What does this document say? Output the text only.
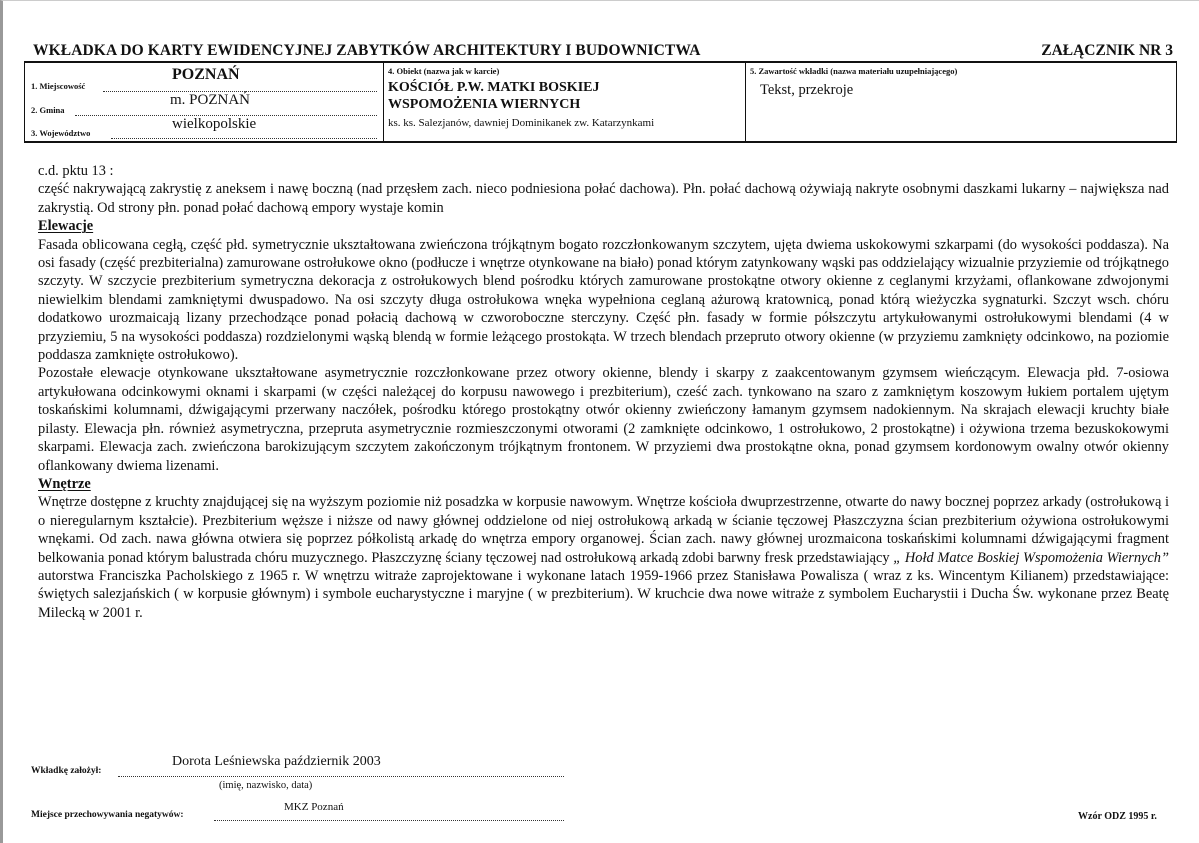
WKŁADKA DO KARTY EWIDENCYJNEJ ZABYTKÓW ARCHITEKTURY I BUDOWNICTWA	ZAŁĄCZNIK NR 3
1. Miejscowość
POZNAŃ
2. Gmina
m. POZNAŃ
3. Województwo
wielkopolskie
4. Obiekt (nazwa jak w karcie)
KOŚCIÓŁ P.W. MATKI BOSKIEJ
WSPOMOŻENIA WIERNYCH
ks. ks. Salezjanów, dawniej Dominikanek zw. Katarzynkami
5. Zawartość wkładki (nazwa materiału uzupełniającego)
Tekst, przekroje

c.d. pktu 13 :

część nakrywającą zakrystię z aneksem i nawę boczną (nad przęsłem zach. nieco podniesiona połać dachowa). Płn. połać dachową ożywiają nakryte osobnymi daszkami lukarny – największa nad zakrystią. Od strony płn. ponad połać dachową empory wystaje komin

Elewacje

Fasada oblicowana cegłą, część płd. symetrycznie ukształtowana zwieńczona trójkątnym bogato rozczłonkowanym szczytem, ujęta dwiema uskokowymi szkarpami (do wysokości poddasza). Na osi fasady (część prezbiterialna) zamurowane ostrołukowe okno (podłucze i wnętrze otynkowane na biało) ponad którym zatynkowany wąski pas oddzielający wizualnie przyziemie od trójkątnego szczyty. W szczycie prezbiterium symetryczna dekoracja z ostrołukowych blend pośrodku których zamurowane prostokątne otwory okienne z ceglanymi krzyżami, oflankowane zdwojonymi niewielkim blendami zamkniętymi dwuspadowo. Na osi szczyty długa ostrołukowa wnęka wypełniona ceglaną ażurową kratownicą, ponad którą wieżyczka sygnaturki. Szczyt wsch. chóru dodatkowo urozmaicają lizany przechodzące ponad połacią dachową w czworoboczne sterczyny. Część płn. fasady w formie półszczytu artykułowanymi ostrołukowymi blendami (4 w przyziemiu, 5 na wysokości poddasza) rozdzielonymi wąską blendą w formie leżącego prostokąta. W trzech blendach przepruto otwory okienne (w przyziemu zamknięty odcinkowo, na poziomie poddasza zamknięte ostrołukowo).

Pozostałe elewacje otynkowane ukształtowane asymetrycznie rozczłonkowane przez otwory okienne, blendy i skarpy z zaakcentowanym gzymsem wieńczącym. Elewacja płd. 7-osiowa artykułowana odcinkowymi oknami i skarpami (w części należącej do korpusu nawowego i prezbiterium), cześć zach. tynkowano na szaro z zamkniętym koszowym łukiem portalem ujętym toskańskimi kolumnami, dźwigającymi przerwany naczółek, pośrodku którego prostokątny otwór okienny zwieńczony łamanym gzymsem nadokiennym. Na skrajach elewacji kruchty białe pilasty. Elewacja płn. również asymetryczna, przepruta asymetrycznie rozmieszczonymi otworami (2 zamknięte odcinkowo, 1 ostrołukowo, 2 prostokątne) i ożywiona trzema bezuskokowymi skarpami. Elewacja zach. zwieńczona barokizującym szczytem zakończonym trójkątnym frontonem. W przyziemi dwa prostokątne okna, ponad gzymsem kordonowym owalny otwór okienny oflankowany dwiema lizenami.

Wnętrze

Wnętrze dostępne z kruchty znajdującej się na wyższym poziomie niż posadzka w korpusie nawowym. Wnętrze kościoła dwuprzestrzenne, otwarte do nawy bocznej poprzez arkady (ostrołukową i o nieregularnym kształcie). Prezbiterium węższe i niższe od nawy głównej oddzielone od niej ostrołukową arkadą w ścianie tęczowej Płaszczyzna ścian prezbiterium ożywiona ostrołukowymi wnękami. Od zach. nawa główna otwiera się poprzez półkolistą arkadę do wnętrza empory organowej. Ścian zach. nawy głównej urozmaicona toskańskimi kolumnami dźwigającymi fragment belkowania ponad którym balustrada chóru muzycznego. Płaszczyznę ściany tęczowej nad ostrołukową arkadą zdobi barwny fresk przedstawiający „ Hołd Matce Boskiej Wspomożenia Wiernych” autorstwa Franciszka Pacholskiego z 1965 r. W wnętrzu witraże zaprojektowane i wykonane latach 1959-1966 przez Stanisława Powalisza ( wraz z ks. Wincentym Kilianem) przedstawiające: świętych salezjańskich ( w korpusie głównym) i symbole eucharystyczne i maryjne ( w prezbiterium). W kruchcie dwa nowe witraże z symbolem Eucharystii i Ducha Św. wykonane przez Beatę Milecką w 2001 r.

Wkładkę założył:
Dorota Leśniewska październik 2003
(imię, nazwisko, data)
Miejsce przechowywania negatywów:
MKZ Poznań
Wzór ODZ 1995 r.
